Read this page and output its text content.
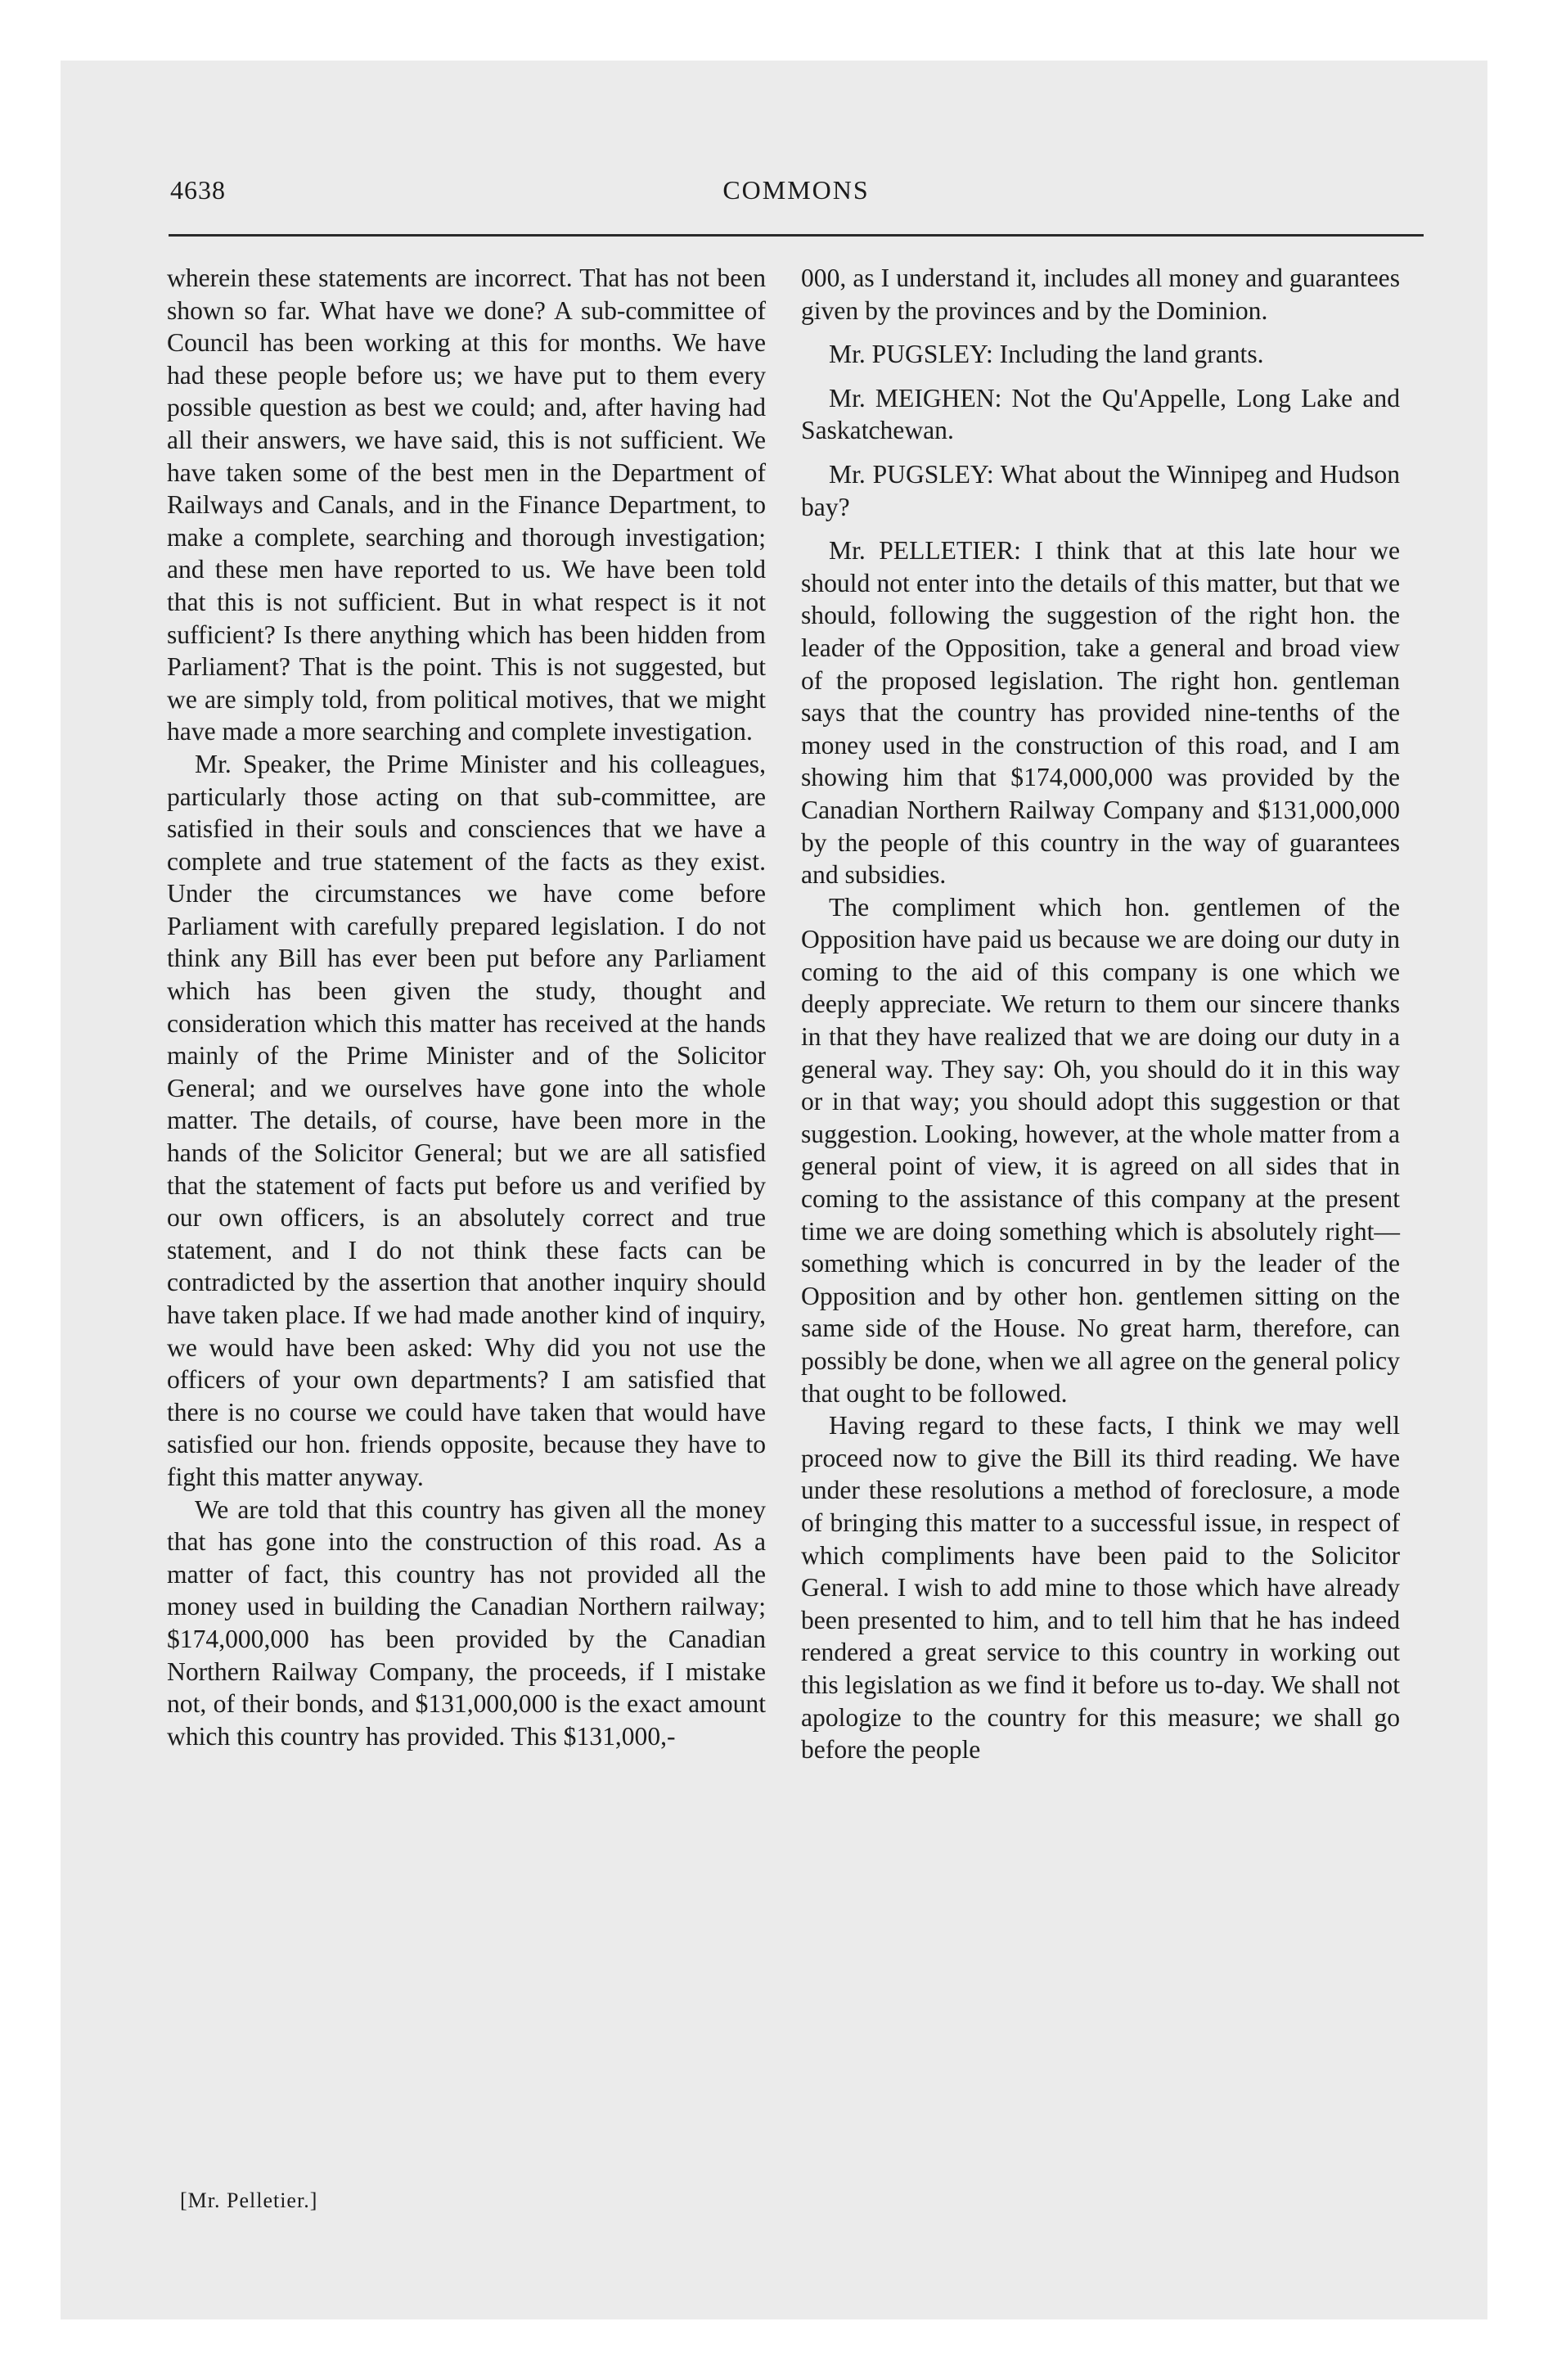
4638	COMMONS

wherein these statements are incorrect. That has not been shown so far. What have we done? A sub-committee of Council has been working at this for months. We have had these people before us; we have put to them every possible question as best we could; and, after having had all their answers, we have said, this is not sufficient. We have taken some of the best men in the Department of Railways and Canals, and in the Finance Department, to make a complete, searching and thorough investigation; and these men have reported to us. We have been told that this is not sufficient. But in what respect is it not sufficient? Is there anything which has been hidden from Parliament? That is the point. This is not suggested, but we are simply told, from political motives, that we might have made a more searching and complete investigation.

Mr. Speaker, the Prime Minister and his colleagues, particularly those acting on that sub-committee, are satisfied in their souls and consciences that we have a complete and true statement of the facts as they exist. Under the circumstances we have come before Parliament with carefully prepared legislation. I do not think any Bill has ever been put before any Parliament which has been given the study, thought and consideration which this matter has received at the hands mainly of the Prime Minister and of the Solicitor General; and we ourselves have gone into the whole matter. The details, of course, have been more in the hands of the Solicitor General; but we are all satisfied that the statement of facts put before us and verified by our own officers, is an absolutely correct and true statement, and I do not think these facts can be contradicted by the assertion that another inquiry should have taken place. If we had made another kind of inquiry, we would have been asked: Why did you not use the officers of your own departments? I am satisfied that there is no course we could have taken that would have satisfied our hon. friends opposite, because they have to fight this matter anyway.

We are told that this country has given all the money that has gone into the construction of this road. As a matter of fact, this country has not provided all the money used in building the Canadian Northern railway; $174,000,000 has been provided by the Canadian Northern Railway Company, the proceeds, if I mistake not, of their bonds, and $131,000,000 is the exact amount which this country has provided. This $131,000,-

000, as I understand it, includes all money and guarantees given by the provinces and by the Dominion.

Mr. PUGSLEY: Including the land grants.

Mr. MEIGHEN: Not the Qu'Appelle, Long Lake and Saskatchewan.

Mr. PUGSLEY: What about the Winnipeg and Hudson bay?

Mr. PELLETIER: I think that at this late hour we should not enter into the details of this matter, but that we should, following the suggestion of the right hon. the leader of the Opposition, take a general and broad view of the proposed legislation. The right hon. gentleman says that the country has provided nine-tenths of the money used in the construction of this road, and I am showing him that $174,000,000 was provided by the Canadian Northern Railway Company and $131,000,000 by the people of this country in the way of guarantees and subsidies.

The compliment which hon. gentlemen of the Opposition have paid us because we are doing our duty in coming to the aid of this company is one which we deeply appreciate. We return to them our sincere thanks in that they have realized that we are doing our duty in a general way. They say: Oh, you should do it in this way or in that way; you should adopt this suggestion or that suggestion. Looking, however, at the whole matter from a general point of view, it is agreed on all sides that in coming to the assistance of this company at the present time we are doing something which is absolutely right—something which is concurred in by the leader of the Opposition and by other hon. gentlemen sitting on the same side of the House. No great harm, therefore, can possibly be done, when we all agree on the general policy that ought to be followed.

Having regard to these facts, I think we may well proceed now to give the Bill its third reading. We have under these resolutions a method of foreclosure, a mode of bringing this matter to a successful issue, in respect of which compliments have been paid to the Solicitor General. I wish to add mine to those which have already been presented to him, and to tell him that he has indeed rendered a great service to this country in working out this legislation as we find it before us to-day. We shall not apologize to the country for this measure; we shall go before the people

[Mr. Pelletier.]
